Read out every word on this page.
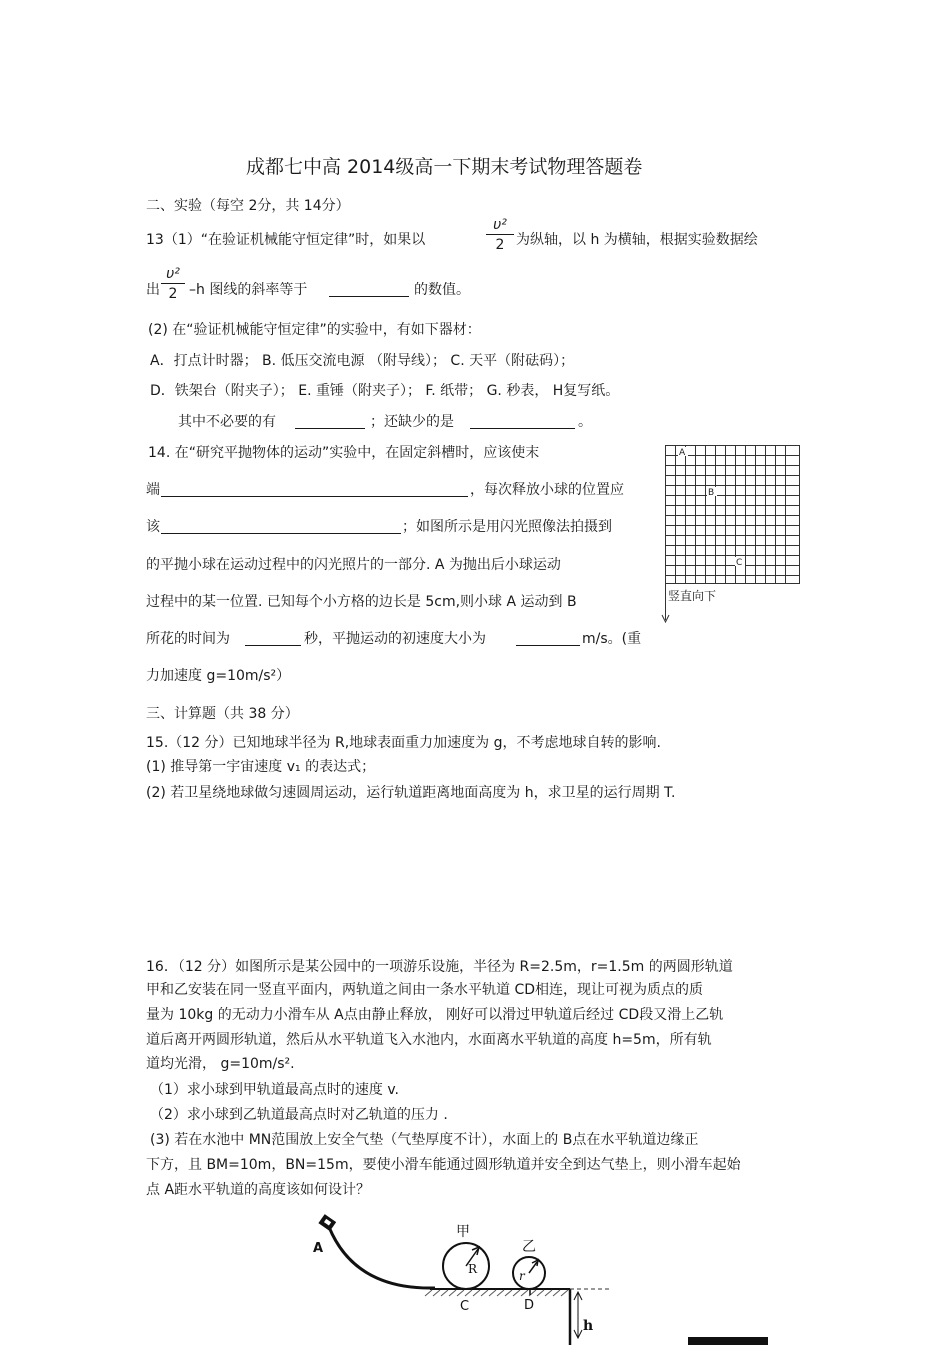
成都七中高 2014级高一下期末考试物理答题卷
二、实验（每空 2分，共 14分）
13（1）“在验证机械能守恒定律”时，如果以	$\frac{\text{υ²}}{2}$ 为纵轴，以 h 为横轴，根据实验数据绘
出 $\frac{\text{υ²}}{2} -h$ 图线的斜率等于	的数值。
(2) 在“验证机械能守恒定律”的实验中，有如下器材：
A．打点计时器； B. 低压交流电源 （附导线）； C. 天平（附砝码）；
D．铁架台（附夹子）； E. 重锤（附夹子）； F. 纸带； G. 秒表， H复写纸。
其中不必要的有	；还缺少的是	。
14. 在“研究平抛物体的运动”实验中，在固定斜槽时，应该使末
端	，每次释放小球的位置应
该	；如图所示是用闪光照像法拍摄到
的平抛小球在运动过程中的闪光照片的一部分. A 为抛出后小球运动
过程中的某一位置. 已知每个小方格的边长是 5cm,则小球 A 运动到 B
所花的时间为	秒，平抛运动的初速度大小为	m/s。(重
力加速度 g=10m/s²）
A
B
C
竖直向下
三、计算题（共 38 分）
15.（12 分）已知地球半径为 R,地球表面重力加速度为 g，不考虑地球自转的影响.
(1) 推导第一宇宙速度 v₁ 的表达式；
(2) 若卫星绕地球做匀速圆周运动，运行轨道距离地面高度为 h，求卫星的运行周期 T.
16．（12 分）如图所示是某公园中的一项游乐设施，半径为 R=2.5m，r=1.5m 的两圆形轨道
甲和乙安装在同一竖直平面内，两轨道之间由一条水平轨道 CD相连，现让可视为质点的质
量为 10kg 的无动力小滑车从 A点由静止释放， 刚好可以滑过甲轨道后经过 CD段又滑上乙轨
道后离开两圆形轨道，然后从水平轨道飞入水池内，水面离水平轨道的高度 h=5m，所有轨
道均光滑， g=10m/s².
（1）求小球到甲轨道最高点时的速度 v.
（2）求小球到乙轨道最高点时对乙轨道的压力 .
(3) 若在水池中 MN范围放上安全气垫（气垫厚度不计），水面上的 B点在水平轨道边缘正
下方，且 BM=10m，BN=15m，要使小滑车能通过圆形轨道并安全到达气垫上，则小滑车起始
点 A距水平轨道的高度该如何设计？
A
R
甲
r
乙
C	D
h
